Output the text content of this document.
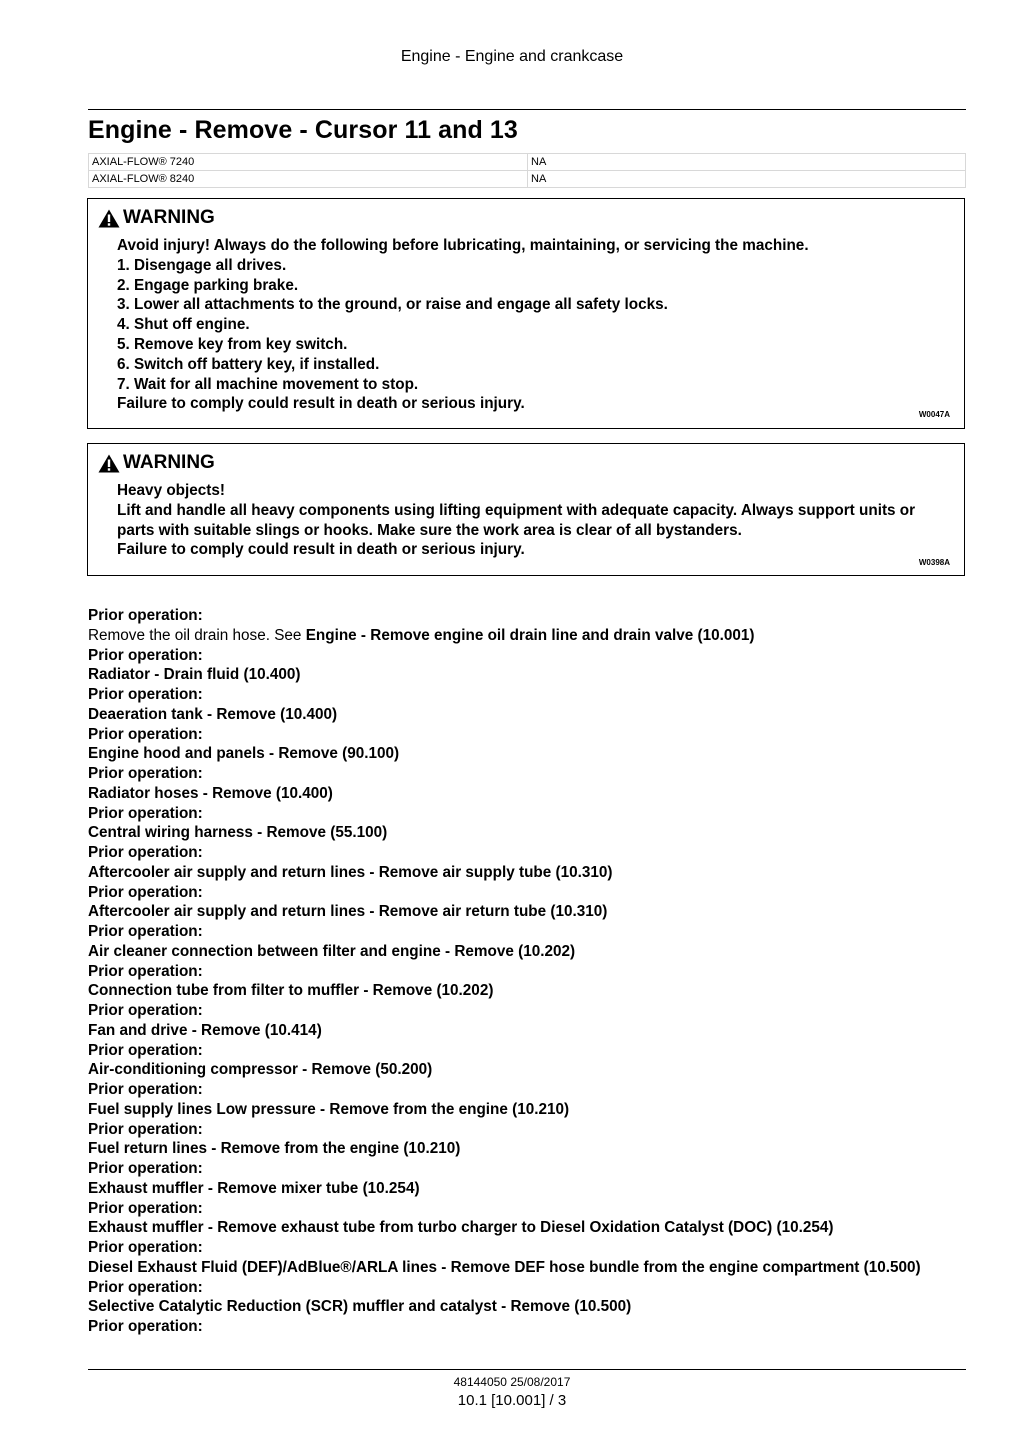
Engine - Engine and crankcase
Engine - Remove - Cursor 11 and 13
AXIAL-FLOW® 7240	NA
AXIAL-FLOW® 8240	NA
WARNING
Avoid injury! Always do the following before lubricating, maintaining, or servicing the machine.
1. Disengage all drives.
2. Engage parking brake.
3. Lower all attachments to the ground, or raise and engage all safety locks.
4. Shut off engine.
5. Remove key from key switch.
6. Switch off battery key, if installed.
7. Wait for all machine movement to stop.
Failure to comply could result in death or serious injury.
W0047A
WARNING
Heavy objects!
Lift and handle all heavy components using lifting equipment with adequate capacity. Always support units or parts with suitable slings or hooks. Make sure the work area is clear of all bystanders.
Failure to comply could result in death or serious injury.
W0398A
Prior operation:
Remove the oil drain hose. See Engine - Remove engine oil drain line and drain valve (10.001)
Prior operation:
Radiator - Drain fluid (10.400)
Prior operation:
Deaeration tank - Remove (10.400)
Prior operation:
Engine hood and panels - Remove (90.100)
Prior operation:
Radiator hoses - Remove (10.400)
Prior operation:
Central wiring harness - Remove (55.100)
Prior operation:
Aftercooler air supply and return lines - Remove air supply tube (10.310)
Prior operation:
Aftercooler air supply and return lines - Remove air return tube (10.310)
Prior operation:
Air cleaner connection between filter and engine - Remove (10.202)
Prior operation:
Connection tube from filter to muffler - Remove (10.202)
Prior operation:
Fan and drive - Remove (10.414)
Prior operation:
Air-conditioning compressor - Remove (50.200)
Prior operation:
Fuel supply lines Low pressure - Remove from the engine (10.210)
Prior operation:
Fuel return lines - Remove from the engine (10.210)
Prior operation:
Exhaust muffler - Remove mixer tube (10.254)
Prior operation:
Exhaust muffler - Remove exhaust tube from turbo charger to Diesel Oxidation Catalyst (DOC) (10.254)
Prior operation:
Diesel Exhaust Fluid (DEF)/AdBlue®/ARLA lines - Remove DEF hose bundle from the engine compartment (10.500)
Prior operation:
Selective Catalytic Reduction (SCR) muffler and catalyst - Remove (10.500)
Prior operation:
48144050 25/08/2017
10.1 [10.001] / 3
